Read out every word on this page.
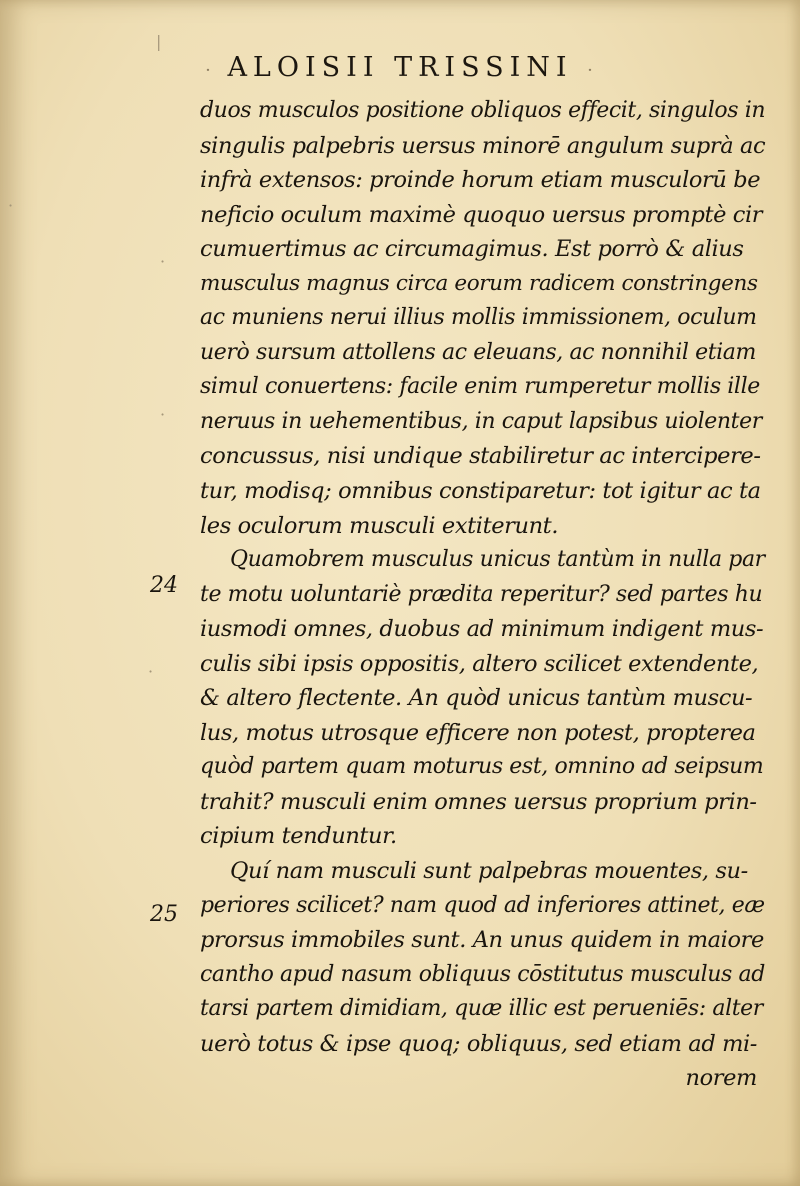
|
·
·
·
·
· ALOISII TRISSINI ·
24
25
duos musculos positione obliquos effecit, singulos in
singulis palpebris uersus minorē angulum suprà ac
infrà extensos: proinde horum etiam musculorū be
neficio oculum maximè quoquo uersus promptè cir
cumuertimus ac circumagimus. Est porrò & alius
musculus magnus circa eorum radicem constringens
ac muniens nerui illius mollis immissionem, oculum
uerò sursum attollens ac eleuans, ac nonnihil etiam
simul conuertens: facile enim rumperetur mollis ille
neruus in uehementibus, in caput lapsibus uiolenter
concussus, nisi undique stabiliretur ac intercipere-
tur, modisq; omnibus constiparetur: tot igitur ac ta
les oculorum musculi extiterunt.
Quamobrem musculus unicus tantùm in nulla par
te motu uoluntariè prædita reperitur? sed partes hu
iusmodi omnes, duobus ad minimum indigent mus-
culis sibi ipsis oppositis, altero scilicet extendente,
& altero flectente. An quòd unicus tantùm muscu-
lus, motus utrosque efficere non potest, propterea
quòd partem quam moturus est, omnino ad seipsum
trahit? musculi enim omnes uersus proprium prin-
cipium tenduntur.
Quí nam musculi sunt palpebras mouentes, su-
periores scilicet? nam quod ad inferiores attinet, eæ
prorsus immobiles sunt. An unus quidem in maiore
cantho apud nasum obliquus cōstitutus musculus ad
tarsi partem dimidiam, quæ illic est perueniēs: alter
uerò totus & ipse quoq; obliquus, sed etiam ad mi-
norem
